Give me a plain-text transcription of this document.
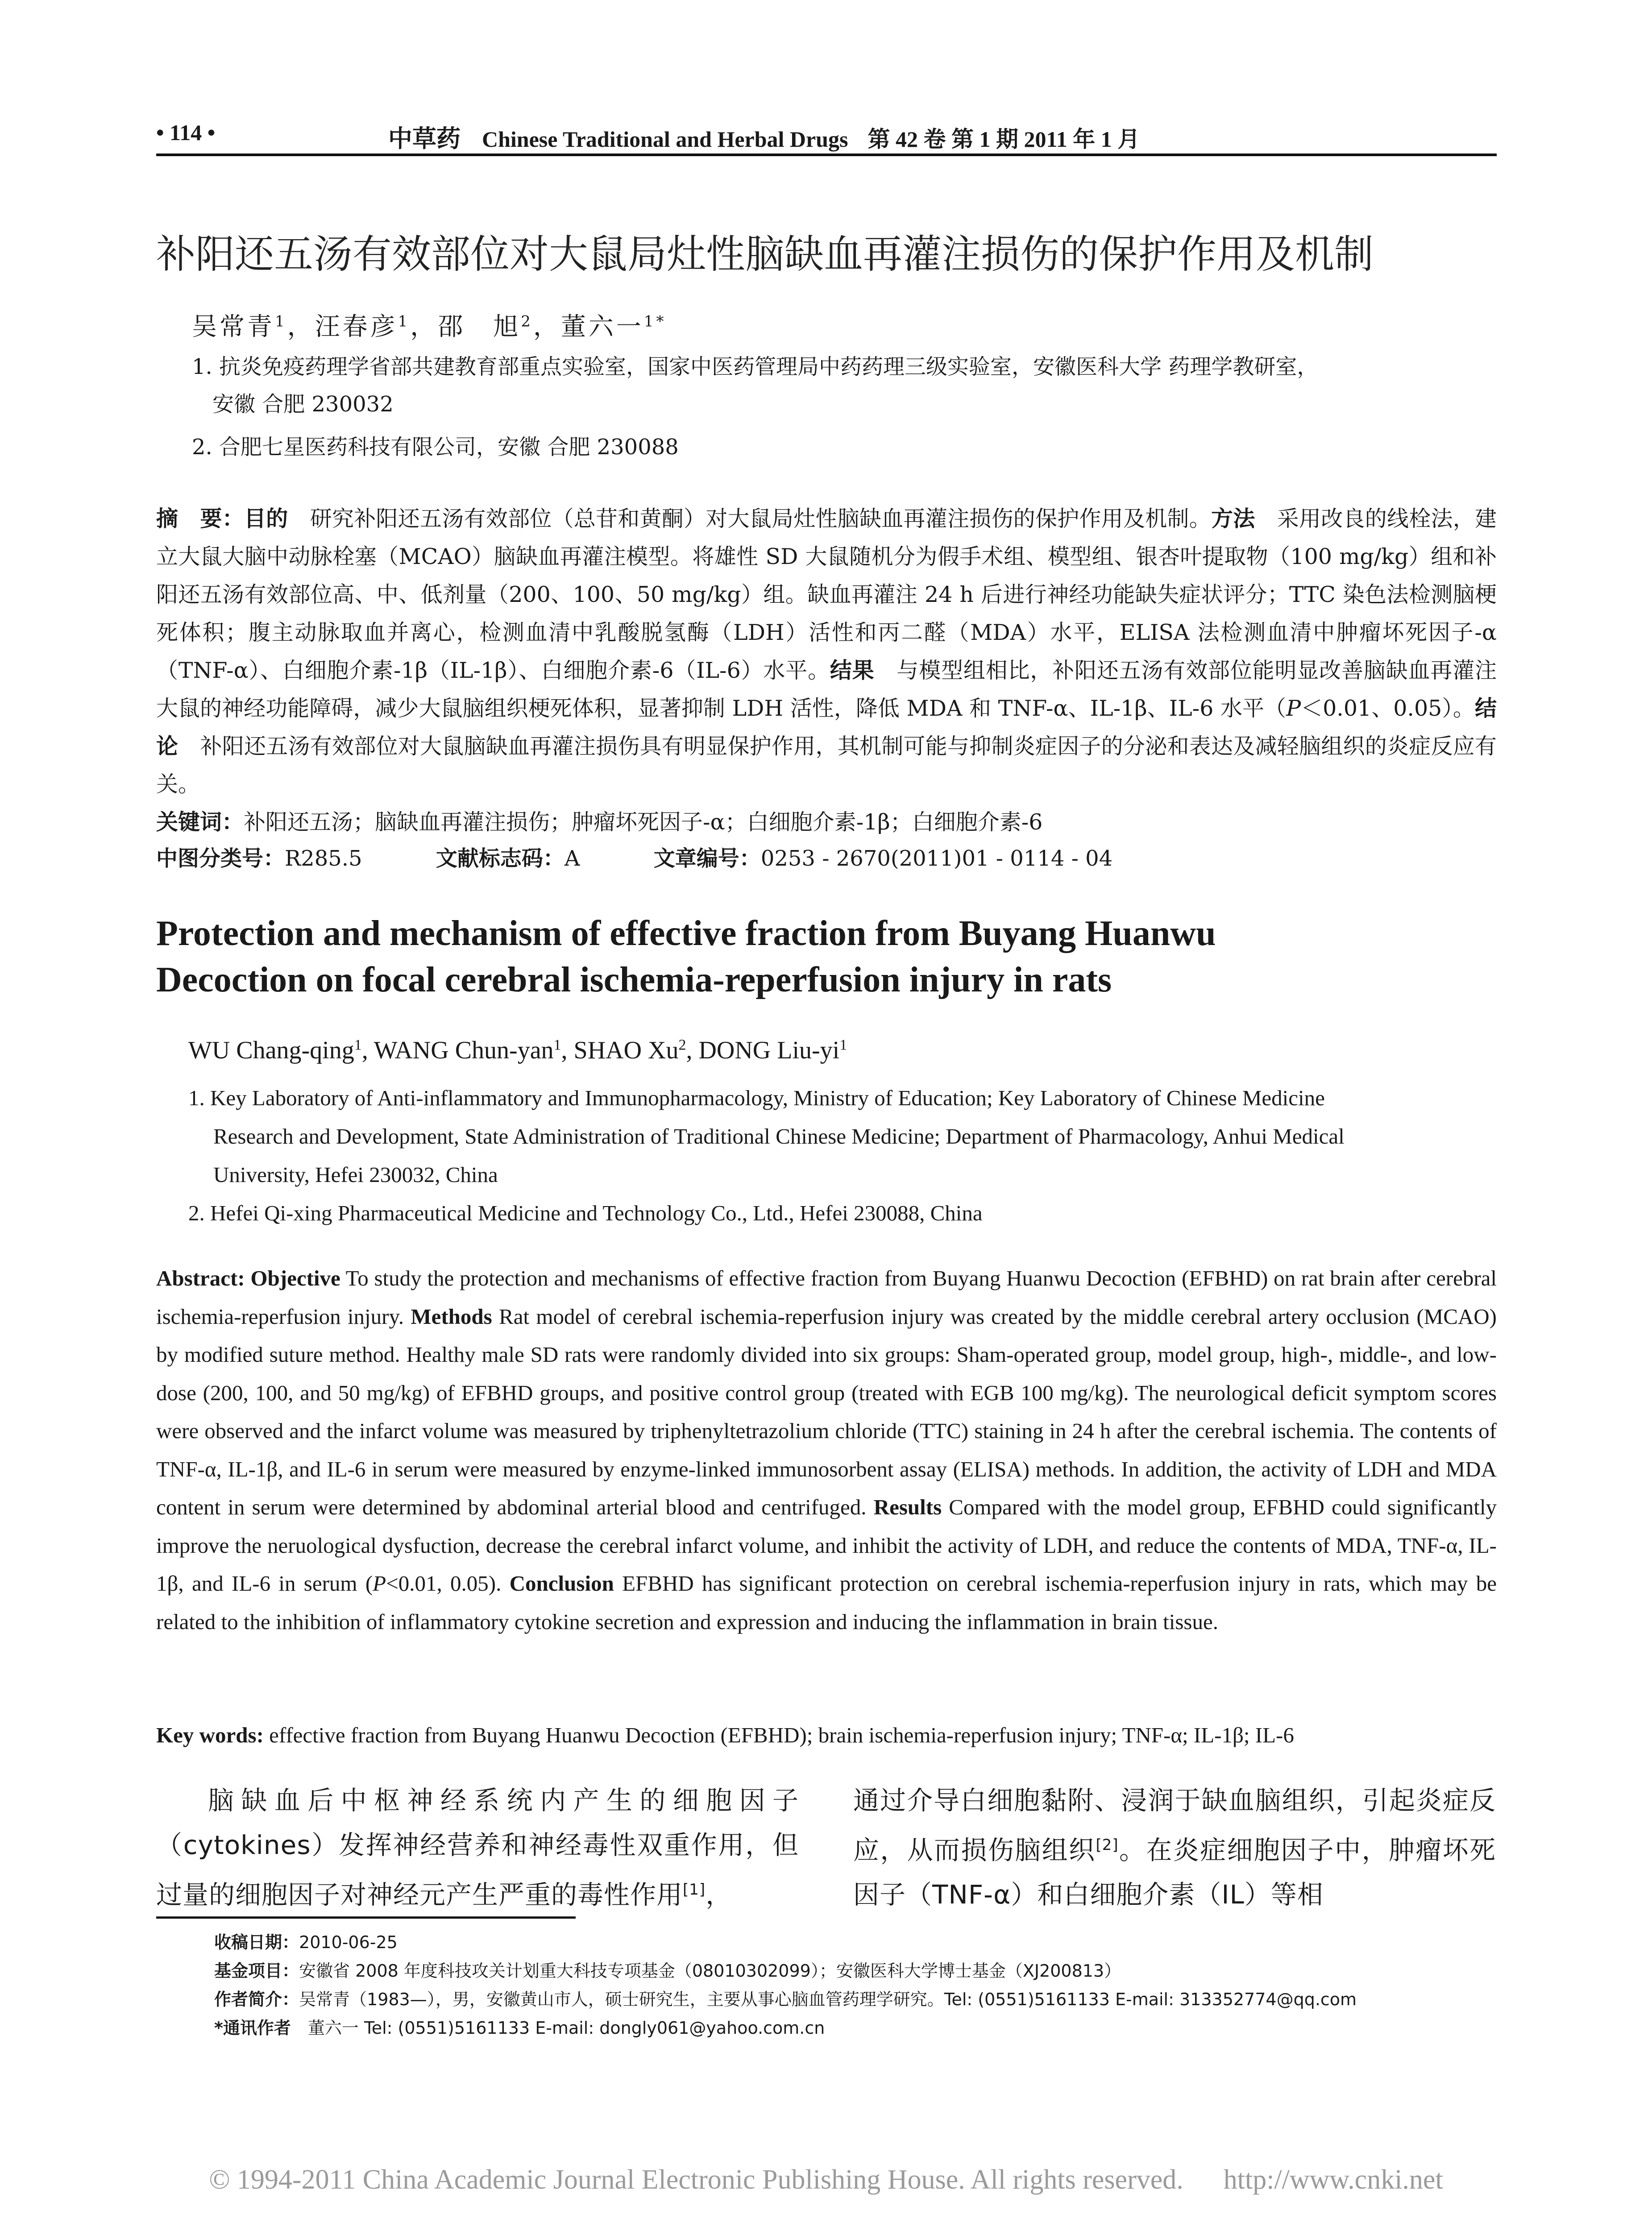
• 114 •	中草药 Chinese Traditional and Herbal Drugs 第 42 卷 第 1 期 2011 年 1 月
补阳还五汤有效部位对大鼠局灶性脑缺血再灌注损伤的保护作用及机制
吴常青$^1$，汪春彦$^1$，邵　旭$^2$，董六一$^{1*}$
1. 抗炎免疫药理学省部共建教育部重点实验室，国家中医药管理局中药药理三级实验室，安徽医科大学 药理学教研室，
安徽 合肥 230032
2. 合肥七星医药科技有限公司，安徽 合肥 230088
摘　要：目的　研究补阳还五汤有效部位（总苷和黄酮）对大鼠局灶性脑缺血再灌注损伤的保护作用及机制。方法　采用改良的线栓法，建立大鼠大脑中动脉栓塞（MCAO）脑缺血再灌注模型。将雄性 SD 大鼠随机分为假手术组、模型组、银杏叶提取物（100 mg/kg）组和补阳还五汤有效部位高、中、低剂量（200、100、50 mg/kg）组。缺血再灌注 24 h 后进行神经功能缺失症状评分；TTC 染色法检测脑梗死体积；腹主动脉取血并离心，检测血清中乳酸脱氢酶（LDH）活性和丙二醛（MDA）水平，ELISA 法检测血清中肿瘤坏死因子-α（TNF-α）、白细胞介素-1β（IL-1β）、白细胞介素-6（IL-6）水平。结果　与模型组相比，补阳还五汤有效部位能明显改善脑缺血再灌注大鼠的神经功能障碍，减少大鼠脑组织梗死体积，显著抑制 LDH 活性，降低 MDA 和 TNF-α、IL-1β、IL-6 水平（P＜0.01、0.05）。结论　补阳还五汤有效部位对大鼠脑缺血再灌注损伤具有明显保护作用，其机制可能与抑制炎症因子的分泌和表达及减轻脑组织的炎症反应有关。
关键词：补阳还五汤；脑缺血再灌注损伤；肿瘤坏死因子-α；白细胞介素-1β；白细胞介素-6
中图分类号：R285.5	文献标志码：A	文章编号：0253 - 2670(2011)01 - 0114 - 04
Protection and mechanism of effective fraction from Buyang Huanwu
Decoction on focal cerebral ischemia-reperfusion injury in rats
WU Chang-qing$^1$, WANG Chun-yan$^1$, SHAO Xu$^2$, DONG Liu-$yi^1$
1. Key Laboratory of Anti-inflammatory and Immunopharmacology, Ministry of Education; Key Laboratory of Chinese Medicine
Research and Development, State Administration of Traditional Chinese Medicine; Department of Pharmacology, Anhui Medical
University, Hefei 230032, China
2. Hefei Qi-xing Pharmaceutical Medicine and Technology Co., Ltd., Hefei 230088, China
Abstract: Objective To study the protection and mechanisms of effective fraction from Buyang Huanwu Decoction (EFBHD) on rat brain after cerebral ischemia-reperfusion injury. Methods Rat model of cerebral ischemia-reperfusion injury was created by the middle cerebral artery occlusion (MCAO) by modified suture method. Healthy male SD rats were randomly divided into six groups: Sham-operated group, model group, high-, middle-, and low-dose (200, 100, and 50 mg/kg) of EFBHD groups, and positive control group (treated with EGB 100 mg/kg). The neurological deficit symptom scores were observed and the infarct volume was measured by triphenyltetrazolium chloride (TTC) staining in 24 h after the cerebral ischemia. The contents of TNF-α, IL-1β, and IL-6 in serum were measured by enzyme-linked immunosorbent assay (ELISA) methods. In addition, the activity of LDH and MDA content in serum were determined by abdominal arterial blood and centrifuged. Results Compared with the model group, EFBHD could significantly improve the neruological dysfuction, decrease the cerebral infarct volume, and inhibit the activity of LDH, and reduce the contents of MDA, TNF-α, IL-1β, and IL-6 in serum (P<0.01, 0.05). Conclusion EFBHD has significant protection on cerebral ischemia-reperfusion injury in rats, which may be related to the inhibition of inflammatory cytokine secretion and expression and inducing the inflammation in brain tissue.
Key words: effective fraction from Buyang Huanwu Decoction (EFBHD); brain ischemia-reperfusion injury; TNF-α; IL-1β; IL-6
脑缺血后中枢神经系统内产生的细胞因子（cytokines）发挥神经营养和神经毒性双重作用，但过量的细胞因子对神经元产生严重的毒性作用[1]，
通过介导白细胞黏附、浸润于缺血脑组织，引起炎症反应，从而损伤脑组织[2]。在炎症细胞因子中，肿瘤坏死因子（TNF-α）和白细胞介素（IL）等相
收稿日期：2010-06-25
基金项目：安徽省 2008 年度科技攻关计划重大科技专项基金（08010302099）；安徽医科大学博士基金（XJ200813）
作者简介：吴常青（1983—），男，安徽黄山市人，硕士研究生，主要从事心脑血管药理学研究。Tel: (0551)5161133 E-mail: 313352774@qq.com
*通讯作者　董六一 Tel: (0551)5161133 E-mail: dongly061@yahoo.com.cn
© 1994-2011 China Academic Journal Electronic Publishing House. All rights reserved. http://www.cnki.net
